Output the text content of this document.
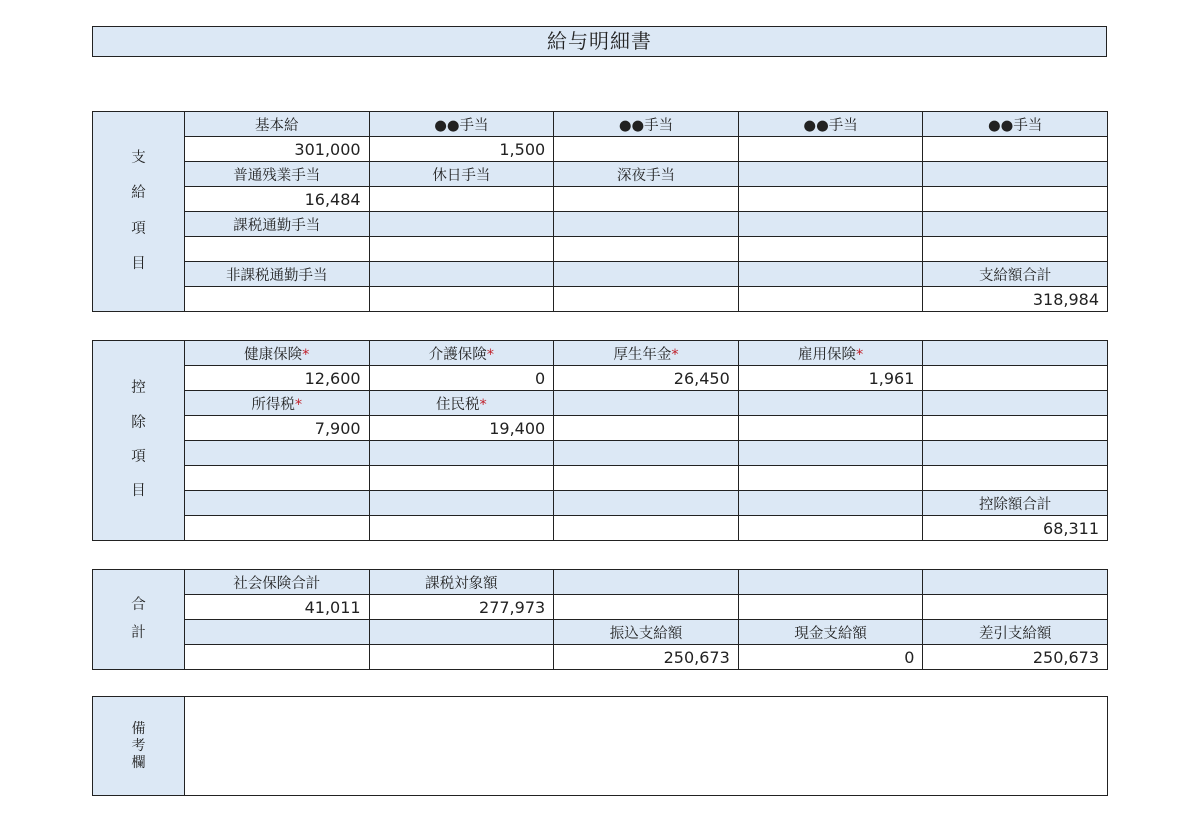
給与明細書
支
給
項
目	基本給	●●手当	●●手当	●●手当	●●手当
	301,000	1,500			
	普通残業手当	休日手当	深夜手当		
	16,484				
	課税通勤手当				

	非課税通勤手当				支給額合計
					318,984
控
除
項
目	健康保険*	介護保険*	厚生年金*	雇用保険*	
	12,600	0	26,450	1,961	
	所得税*	住民税*			
	7,900	19,400			

					控除額合計
					68,311
合
計	社会保険合計	課税対象額			
	41,011	277,973			
			振込支給額	現金支給額	差引支給額
			250,673	0	250,673
備
考
欄
